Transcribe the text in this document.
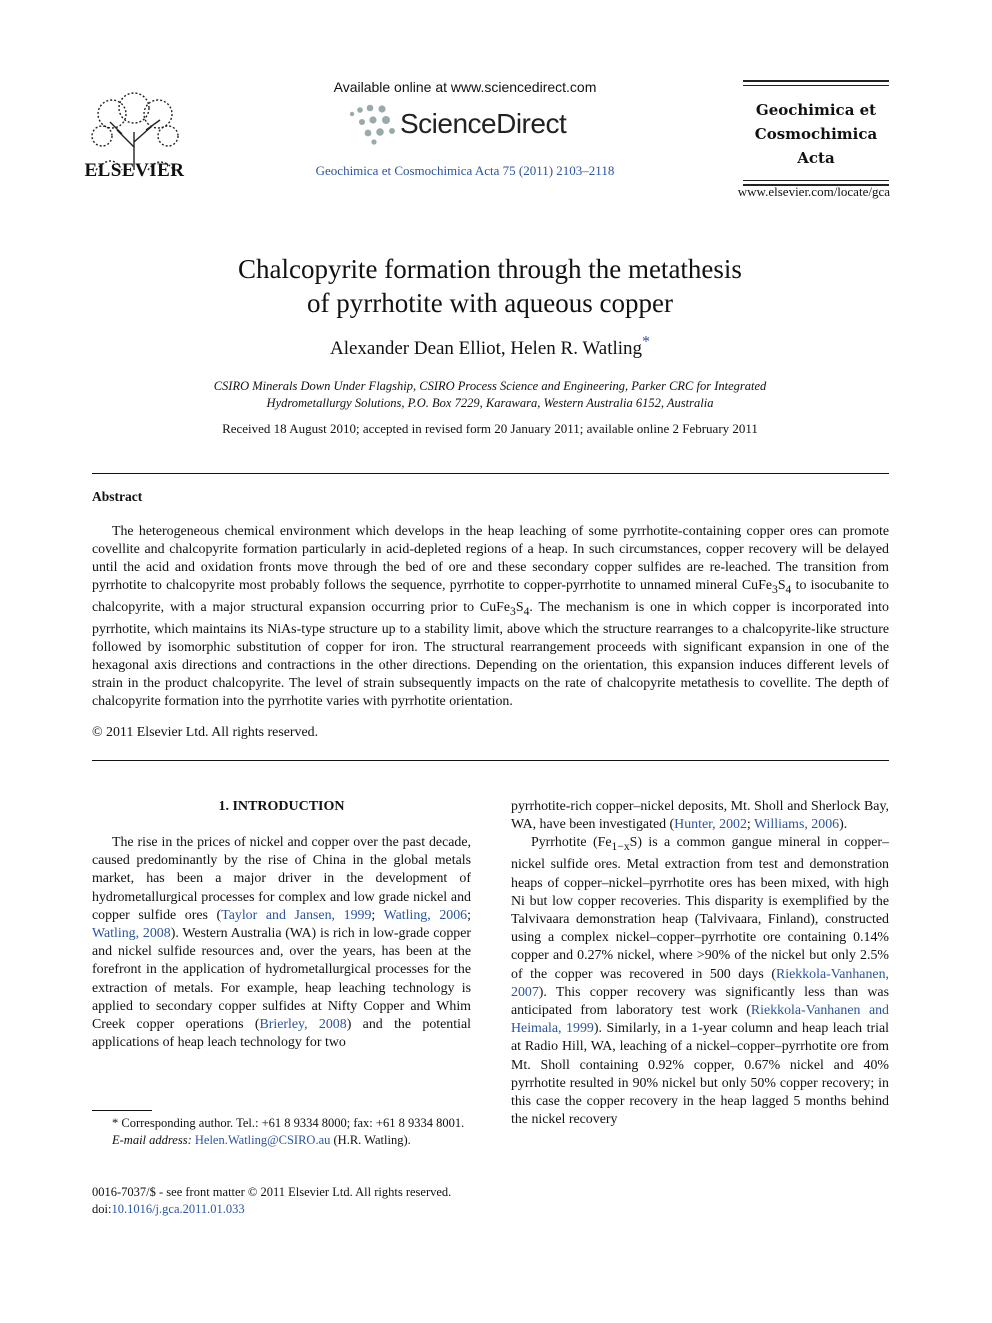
ELSEVIER
Available online at www.sciencedirect.com
ScienceDirect
Geochimica et Cosmochimica Acta 75 (2011) 2103–2118
Geochimica et
Cosmochimica
Acta
www.elsevier.com/locate/gca
Chalcopyrite formation through the metathesis
of pyrrhotite with aqueous copper
Alexander Dean Elliot, Helen R. Watling*
CSIRO Minerals Down Under Flagship, CSIRO Process Science and Engineering, Parker CRC for Integrated
Hydrometallurgy Solutions, P.O. Box 7229, Karawara, Western Australia 6152, Australia
Received 18 August 2010; accepted in revised form 20 January 2011; available online 2 February 2011
Abstract
The heterogeneous chemical environment which develops in the heap leaching of some pyrrhotite-containing copper ores can promote covellite and chalcopyrite formation particularly in acid-depleted regions of a heap. In such circumstances, copper recovery will be delayed until the acid and oxidation fronts move through the bed of ore and these secondary copper sulfides are re-leached. The transition from pyrrhotite to chalcopyrite most probably follows the sequence, pyrrhotite to copper-pyrrhotite to unnamed mineral $CuFe_3S_4$ to isocubanite to chalcopyrite, with a major structural expansion occurring prior to $CuFe_3S_4$. The mechanism is one in which copper is incorporated into pyrrhotite, which maintains its NiAs-type structure up to a stability limit, above which the structure rearranges to a chalcopyrite-like structure followed by isomorphic substitution of copper for iron. The structural rearrangement proceeds with significant expansion in one of the hexagonal axis directions and contractions in the other directions. Depending on the orientation, this expansion induces different levels of strain in the product chalcopyrite. The level of strain subsequently impacts on the rate of chalcopyrite metathesis to covellite. The depth of chalcopyrite formation into the pyrrhotite varies with pyrrhotite orientation.
© 2011 Elsevier Ltd. All rights reserved.
1. INTRODUCTION
The rise in the prices of nickel and copper over the past decade, caused predominantly by the rise of China in the global metals market, has been a major driver in the development of hydrometallurgical processes for complex and low grade nickel and copper sulfide ores (Taylor and Jansen, 1999; Watling, 2006; Watling, 2008). Western Australia (WA) is rich in low-grade copper and nickel sulfide resources and, over the years, has been at the forefront in the application of hydrometallurgical processes for the extraction of metals. For example, heap leaching technology is applied to secondary copper sulfides at Nifty Copper and Whim Creek copper operations (Brierley, 2008) and the potential applications of heap leach technology for two

pyrrhotite-rich copper–nickel deposits, Mt. Sholl and Sherlock Bay, WA, have been investigated (Hunter, 2002; Williams, 2006).

Pyrrhotite $(Fe_{1-x}S)$ is a common gangue mineral in copper–nickel sulfide ores. Metal extraction from test and demonstration heaps of copper–nickel–pyrrhotite ores has been mixed, with high Ni but low copper recoveries. This disparity is exemplified by the Talvivaara demonstration heap (Talvivaara, Finland), constructed using a complex nickel–copper–pyrrhotite ore containing 0.14% copper and 0.27% nickel, where >90% of the nickel but only 2.5% of the copper was recovered in 500 days (Riekkola-Vanhanen, 2007). This copper recovery was significantly less than was anticipated from laboratory test work (Riekkola-Vanhanen and Heimala, 1999). Similarly, in a 1-year column and heap leach trial at Radio Hill, WA, leaching of a nickel–copper–pyrrhotite ore from Mt. Sholl containing 0.92% copper, 0.67% nickel and 40% pyrrhotite resulted in 90% nickel but only 50% copper recovery; in this case the copper recovery in the heap lagged 5 months behind the nickel recovery

* Corresponding author. Tel.: +61 8 9334 8000; fax: +61 8 9334 8001.
E-mail address: Helen.Watling@CSIRO.au (H.R. Watling).
0016-7037/$ - see front matter © 2011 Elsevier Ltd. All rights reserved.
doi:10.1016/j.gca.2011.01.033
